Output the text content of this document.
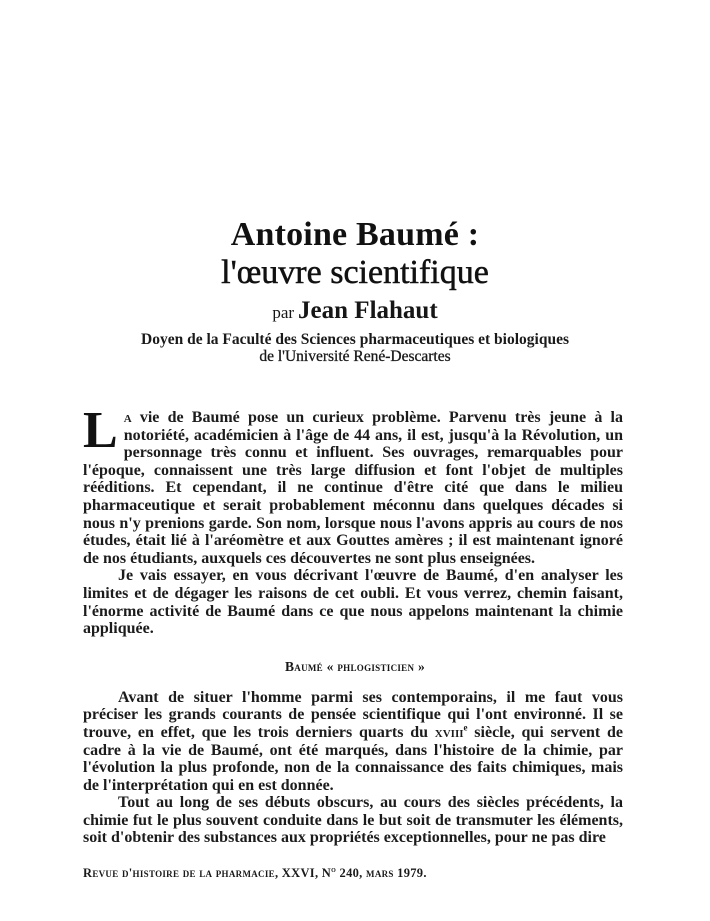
Antoine Baumé :
l'œuvre scientifique
par Jean Flahaut
Doyen de la Faculté des Sciences pharmaceutiques et biologiques
de l'Université René-Descartes

La vie de Baumé pose un curieux problème. Parvenu très jeune à la notoriété, académicien à l'âge de 44 ans, il est, jusqu'à la Révolution, un personnage très connu et influent. Ses ouvrages, remarquables pour l'époque, connaissent une très large diffusion et font l'objet de multiples rééditions. Et cependant, il ne continue d'être cité que dans le milieu pharmaceutique et serait probablement méconnu dans quelques décades si nous n'y prenions garde. Son nom, lorsque nous l'avons appris au cours de nos études, était lié à l'aréomètre et aux Gouttes amères ; il est maintenant ignoré de nos étudiants, auxquels ces découvertes ne sont plus enseignées.

Je vais essayer, en vous décrivant l'œuvre de Baumé, d'en analyser les limites et de dégager les raisons de cet oubli. Et vous verrez, chemin faisant, l'énorme activité de Baumé dans ce que nous appelons maintenant la chimie appliquée.

Baumé « phlogisticien »

Avant de situer l'homme parmi ses contemporains, il me faut vous préciser les grands courants de pensée scientifique qui l'ont environné. Il se trouve, en effet, que les trois derniers quarts du xviii$^e$ siècle, qui servent de cadre à la vie de Baumé, ont été marqués, dans l'histoire de la chimie, par l'évolution la plus profonde, non de la connaissance des faits chimiques, mais de l'interprétation qui en est donnée.

Tout au long de ses débuts obscurs, au cours des siècles précédents, la chimie fut le plus souvent conduite dans le but soit de transmuter les éléments, soit d'obtenir des substances aux propriétés exceptionnelles, pour ne pas dire

Revue d'histoire de la pharmacie, XXVI, $N^o$ 240, mars 1979.
